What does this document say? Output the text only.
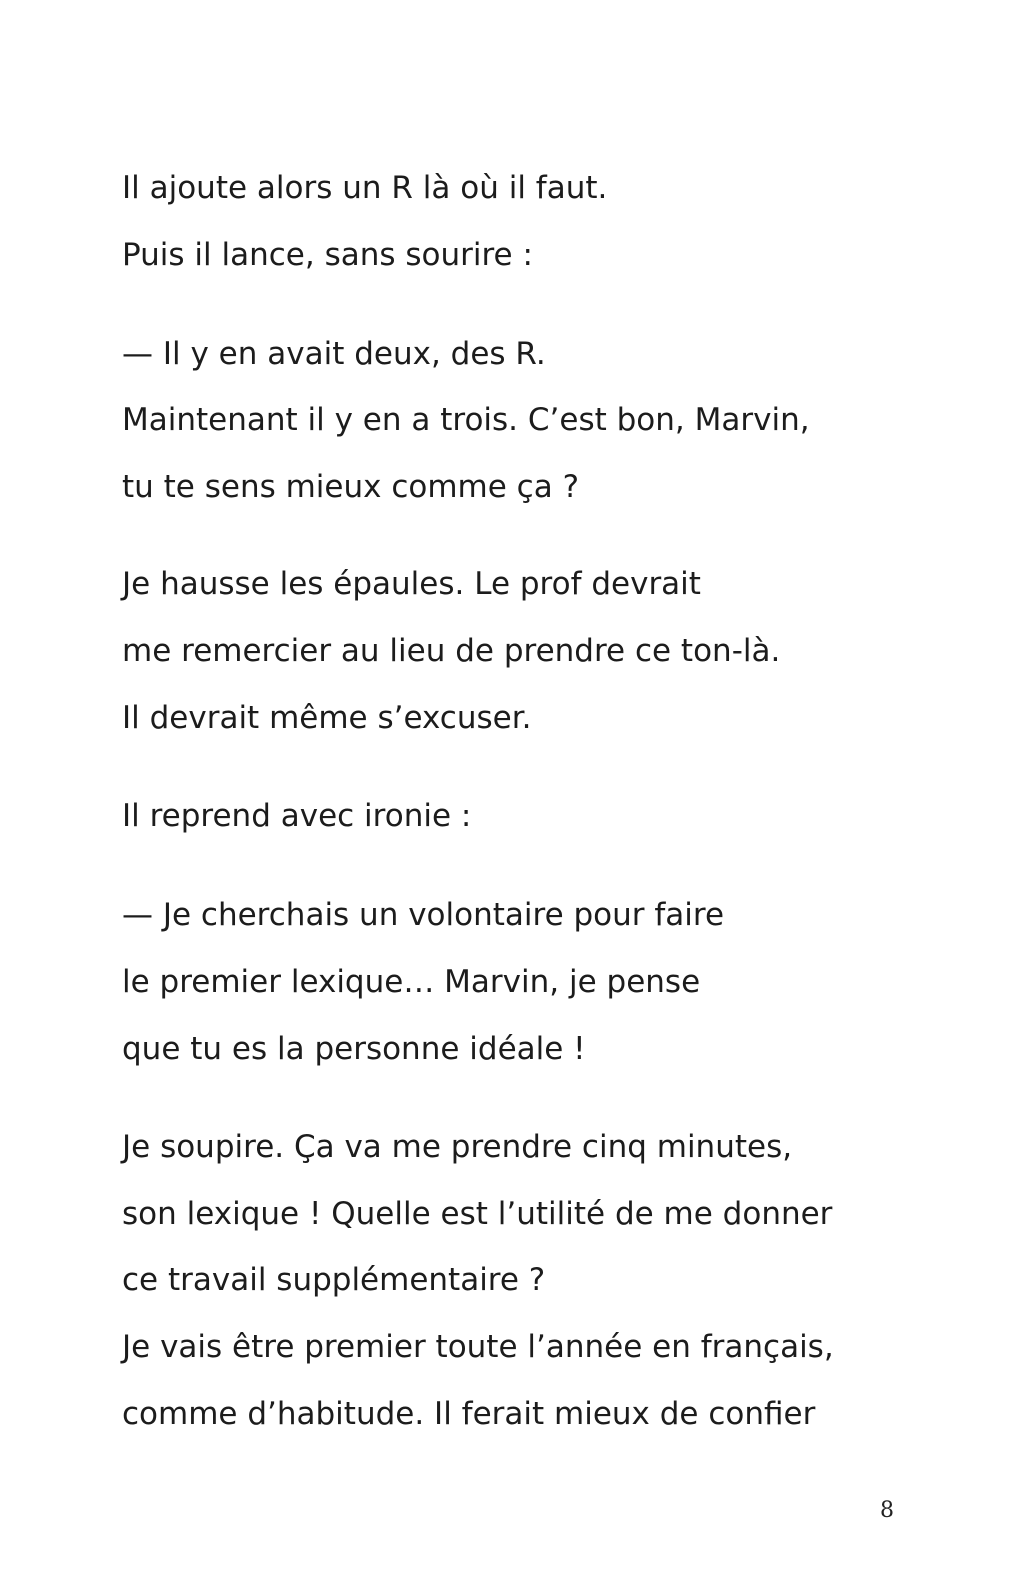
Il ajoute alors un R là où il faut.
Puis il lance, sans sourire :
— Il y en avait deux, des R.
Maintenant il y en a trois. C’est bon, Marvin,
tu te sens mieux comme ça ?
Je hausse les épaules. Le prof devrait
me remercier au lieu de prendre ce ton-là.
Il devrait même s’excuser.
Il reprend avec ironie :
— Je cherchais un volontaire pour faire
le premier lexique… Marvin, je pense
que tu es la personne idéale !
Je soupire. Ça va me prendre cinq minutes,
son lexique ! Quelle est l’utilité de me donner
ce travail supplémentaire ?
Je vais être premier toute l’année en français,
comme d’habitude. Il ferait mieux de confier
8
